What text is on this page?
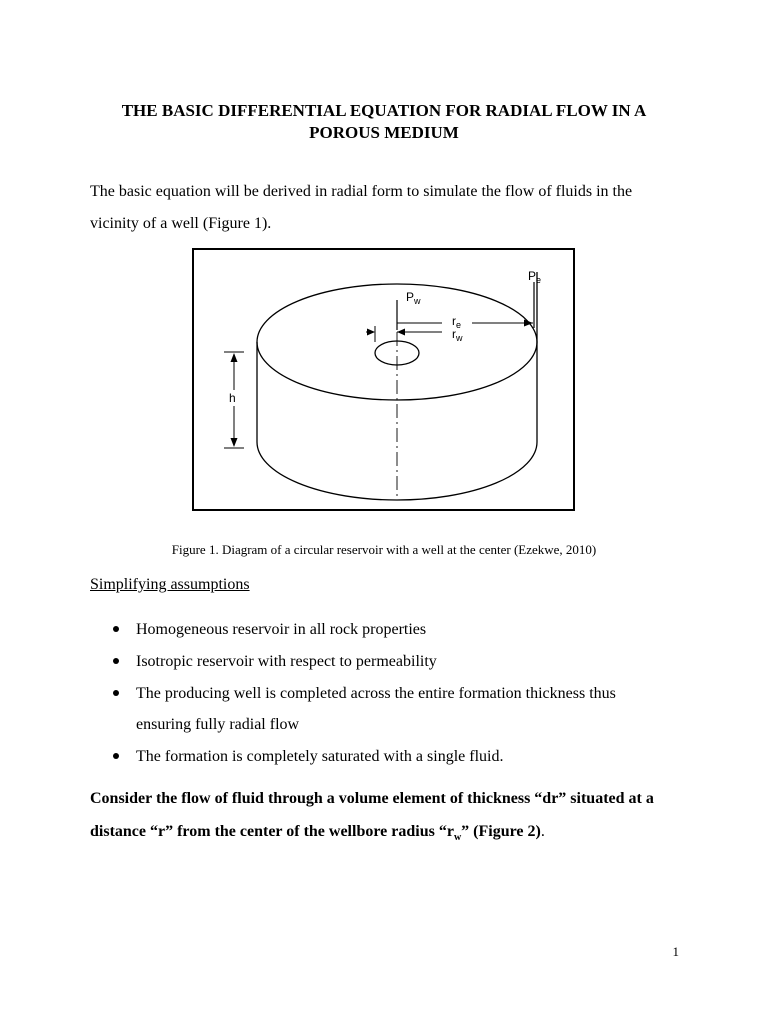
THE BASIC DIFFERENTIAL EQUATION FOR RADIAL FLOW IN A
POROUS MEDIUM

The basic equation will be derived in radial form to simulate the flow of fluids in the
vicinity of a well (Figure 1).

$P_e$
$P_w$
$r_e$
$r_w$
h
Figure 1. Diagram of a circular reservoir with a well at the center (Ezekwe, 2010)
Simplifying assumptions
Homogeneous reservoir in all rock properties
Isotropic reservoir with respect to permeability
The producing well is completed across the entire formation thickness thus
ensuring fully radial flow
The formation is completely saturated with a single fluid.

Consider the flow of fluid through a volume element of thickness “dr” situated at a
distance “r” from the center of the wellbore radius “$r_w$” (Figure 2).

1
